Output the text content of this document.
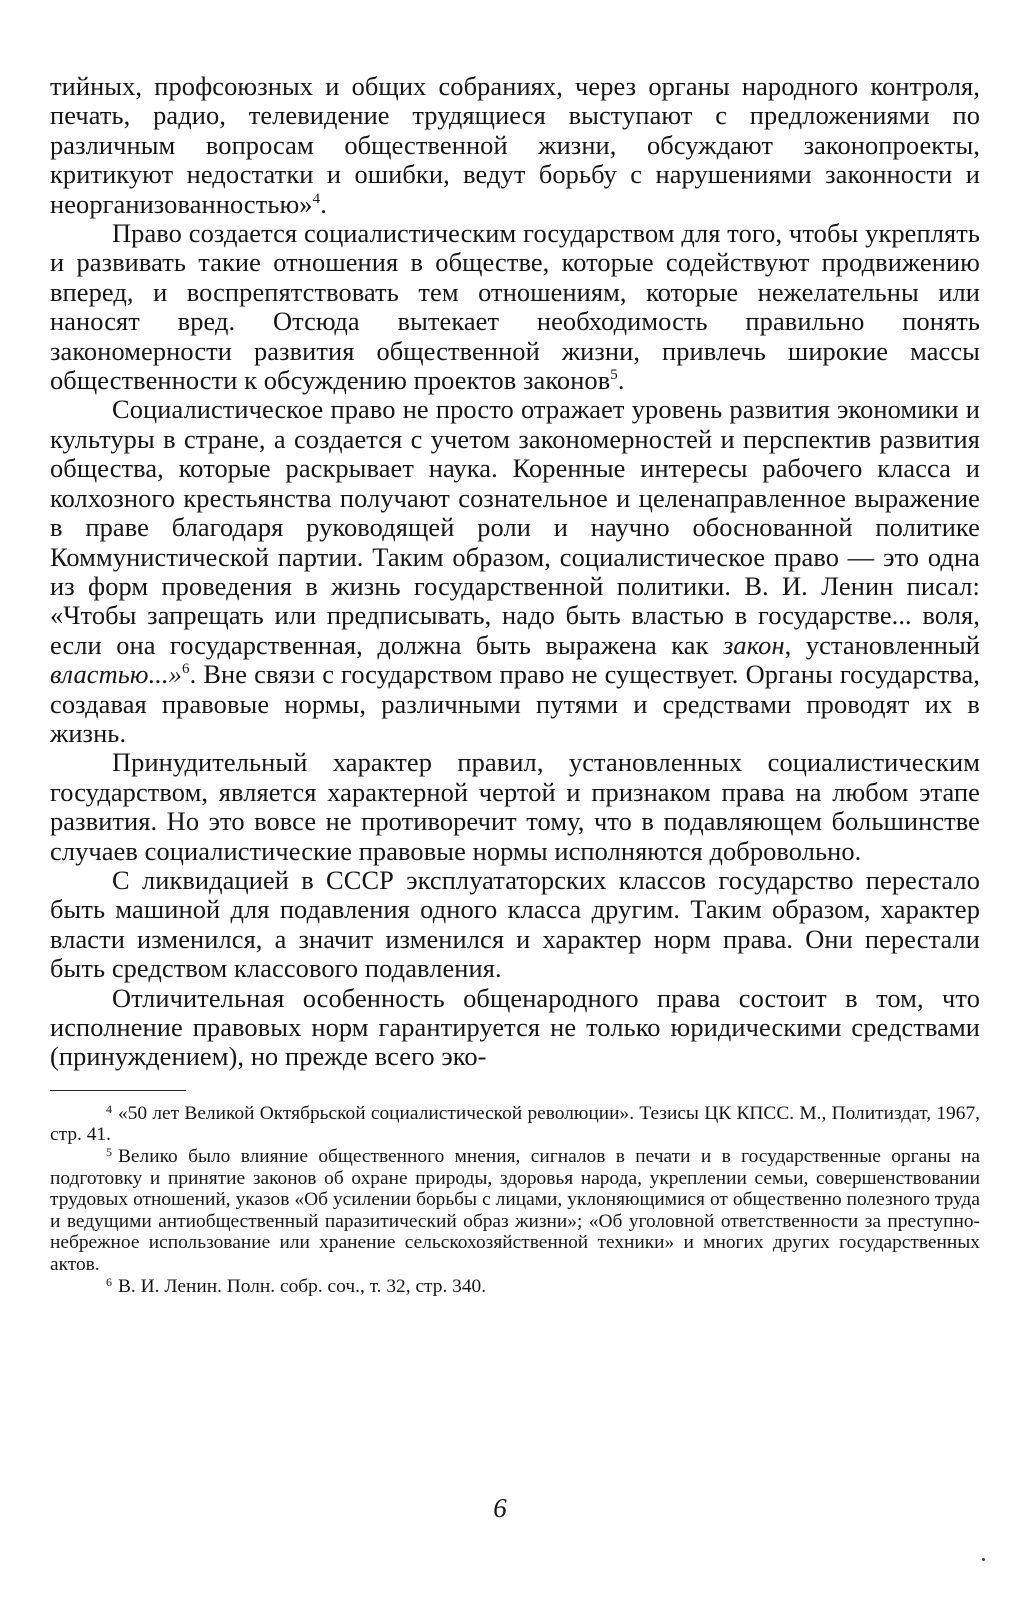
тийных, профсоюзных и общих собраниях, через органы народного контроля, печать, радио, телевидение трудящиеся выступают с предложениями по различным вопросам общественной жизни, обсуждают законопроекты, критикуют недостатки и ошибки, ведут борьбу с нарушениями законности и неорганизованностью»$^4$.

Право создается социалистическим государством для того, чтобы укреплять и развивать такие отношения в обществе, которые содействуют продвижению вперед, и воспрепятствовать тем отношениям, которые нежелательны или наносят вред. Отсюда вытекает необходимость правильно понять закономерности развития общественной жизни, привлечь широкие массы общественности к обсуждению проектов законов$^5$.

Социалистическое право не просто отражает уровень развития экономики и культуры в стране, а создается с учетом закономерностей и перспектив развития общества, которые раскрывает наука. Коренные интересы рабочего класса и колхозного крестьянства получают сознательное и целенаправленное выражение в праве благодаря руководящей роли и научно обоснованной политике Коммунистической партии. Таким образом, социалистическое право — это одна из форм проведения в жизнь государственной политики. В. И. Ленин писал: «Чтобы запрещать или предписывать, надо быть властью в государстве... воля, если она государственная, должна быть выражена как закон, установленный властью...»$^6$. Вне связи с государством право не существует. Органы государства, создавая правовые нормы, различными путями и средствами проводят их в жизнь.

Принудительный характер правил, установленных социалистическим государством, является характерной чертой и признаком права на любом этапе развития. Но это вовсе не противоречит тому, что в подавляющем большинстве случаев социалистические правовые нормы исполняются добровольно.

С ликвидацией в СССР эксплуататорских классов государство перестало быть машиной для подавления одного класса другим. Таким образом, характер власти изменился, а значит изменился и характер норм права. Они перестали быть средством классового подавления.

Отличительная особенность общенародного права состоит в том, что исполнение правовых норм гарантируется не только юридическими средствами (принуждением), но прежде всего эко-

$^4$ «50 лет Великой Октябрьской социалистической революции». Тезисы ЦК КПСС. М., Политиздат, 1967, стр. 41.

$^5$ Велико было влияние общественного мнения, сигналов в печати и в государственные органы на подготовку и принятие законов об охране природы, здоровья народа, укреплении семьи, совершенствовании трудовых отношений, указов «Об усилении борьбы с лицами, уклоняющимися от общественно полезного труда и ведущими антиобщественный паразитический образ жизни»; «Об уголовной ответственности за преступно-небрежное использование или хранение сельскохозяйственной техники» и многих других государственных актов.

$^6$ В. И. Ленин. Полн. собр. соч., т. 32, стр. 340.

6
